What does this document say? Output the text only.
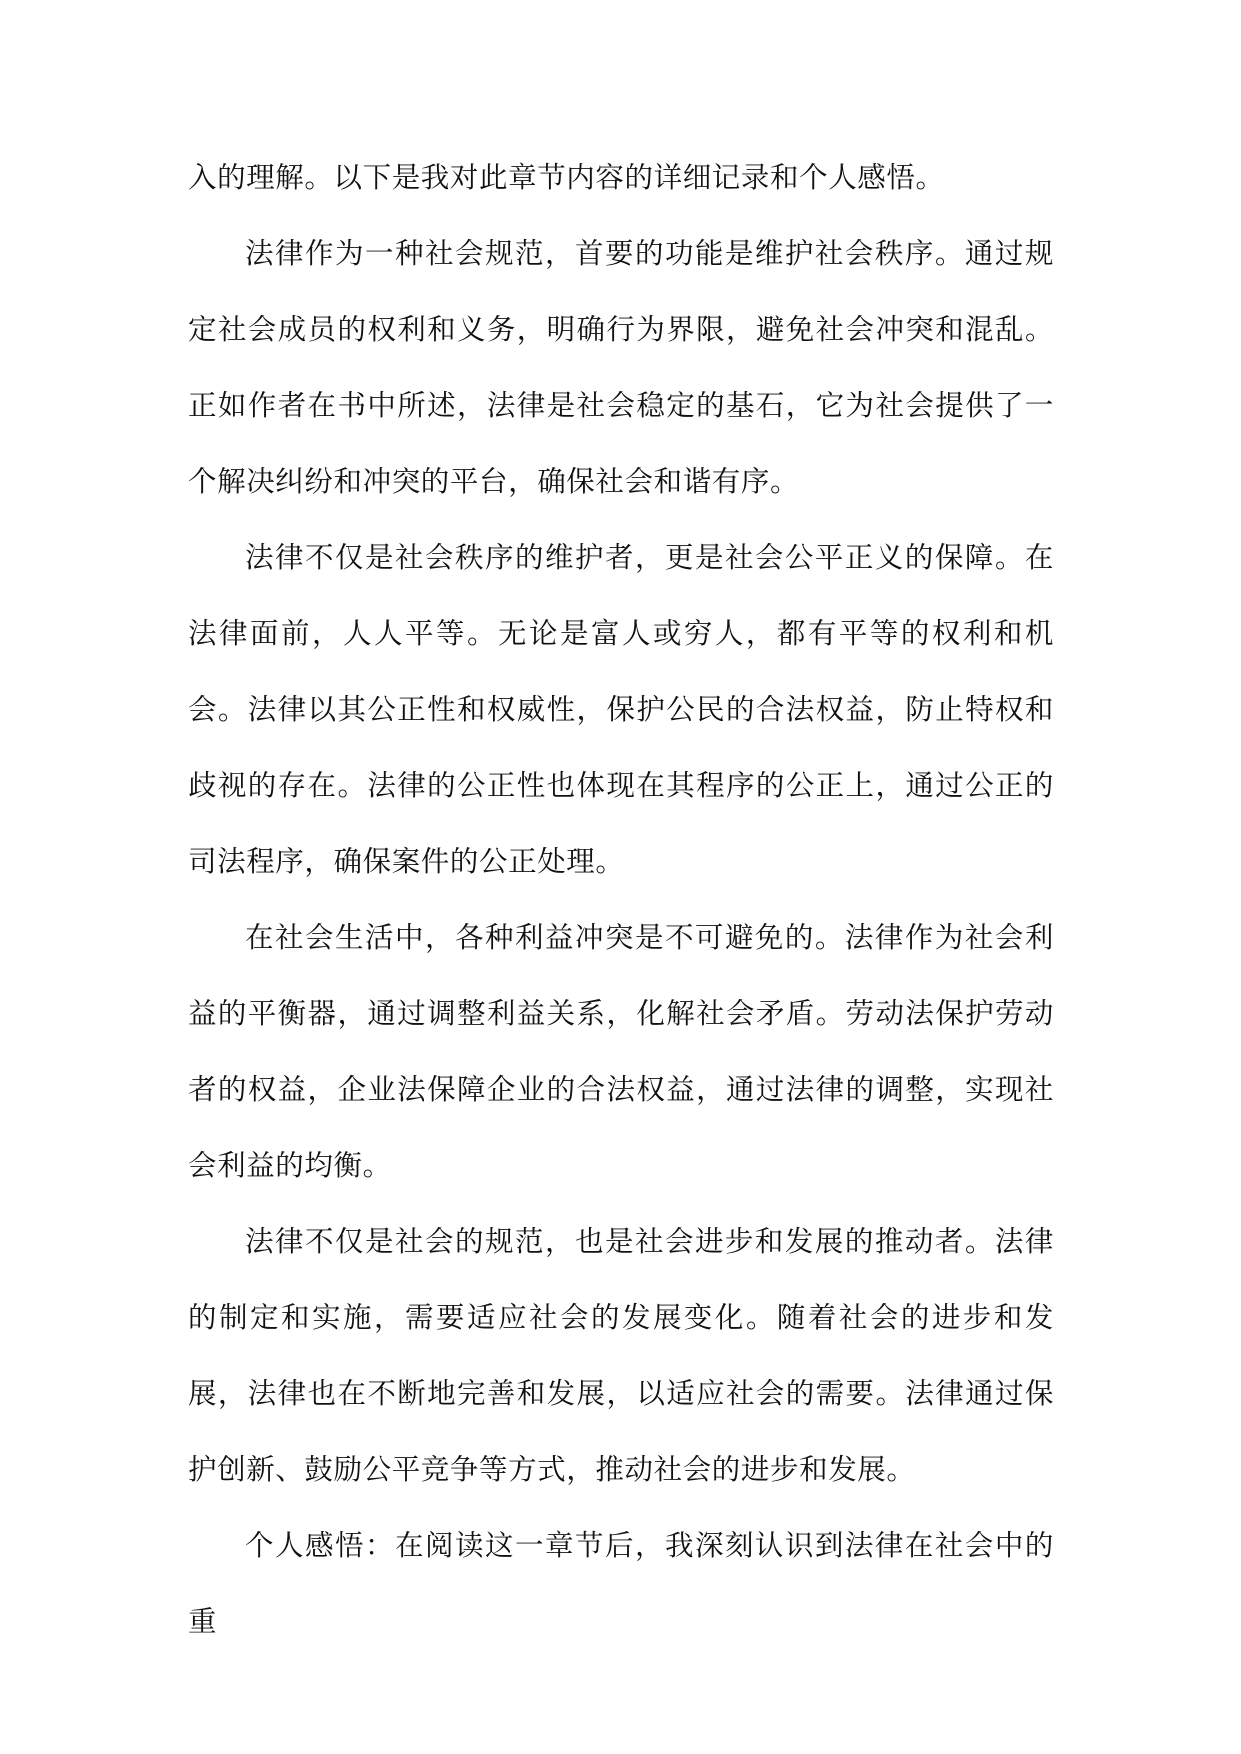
入的理解。以下是我对此章节内容的详细记录和个人感悟。

法律作为一种社会规范，首要的功能是维护社会秩序。通过规定社会成员的权利和义务，明确行为界限，避免社会冲突和混乱。正如作者在书中所述，法律是社会稳定的基石，它为社会提供了一个解决纠纷和冲突的平台，确保社会和谐有序。

法律不仅是社会秩序的维护者，更是社会公平正义的保障。在法律面前，人人平等。无论是富人或穷人，都有平等的权利和机会。法律以其公正性和权威性，保护公民的合法权益，防止特权和歧视的存在。法律的公正性也体现在其程序的公正上，通过公正的司法程序，确保案件的公正处理。

在社会生活中，各种利益冲突是不可避免的。法律作为社会利益的平衡器，通过调整利益关系，化解社会矛盾。劳动法保护劳动者的权益，企业法保障企业的合法权益，通过法律的调整，实现社会利益的均衡。

法律不仅是社会的规范，也是社会进步和发展的推动者。法律的制定和实施，需要适应社会的发展变化。随着社会的进步和发展，法律也在不断地完善和发展，以适应社会的需要。法律通过保护创新、鼓励公平竞争等方式，推动社会的进步和发展。

个人感悟：在阅读这一章节后，我深刻认识到法律在社会中的重
